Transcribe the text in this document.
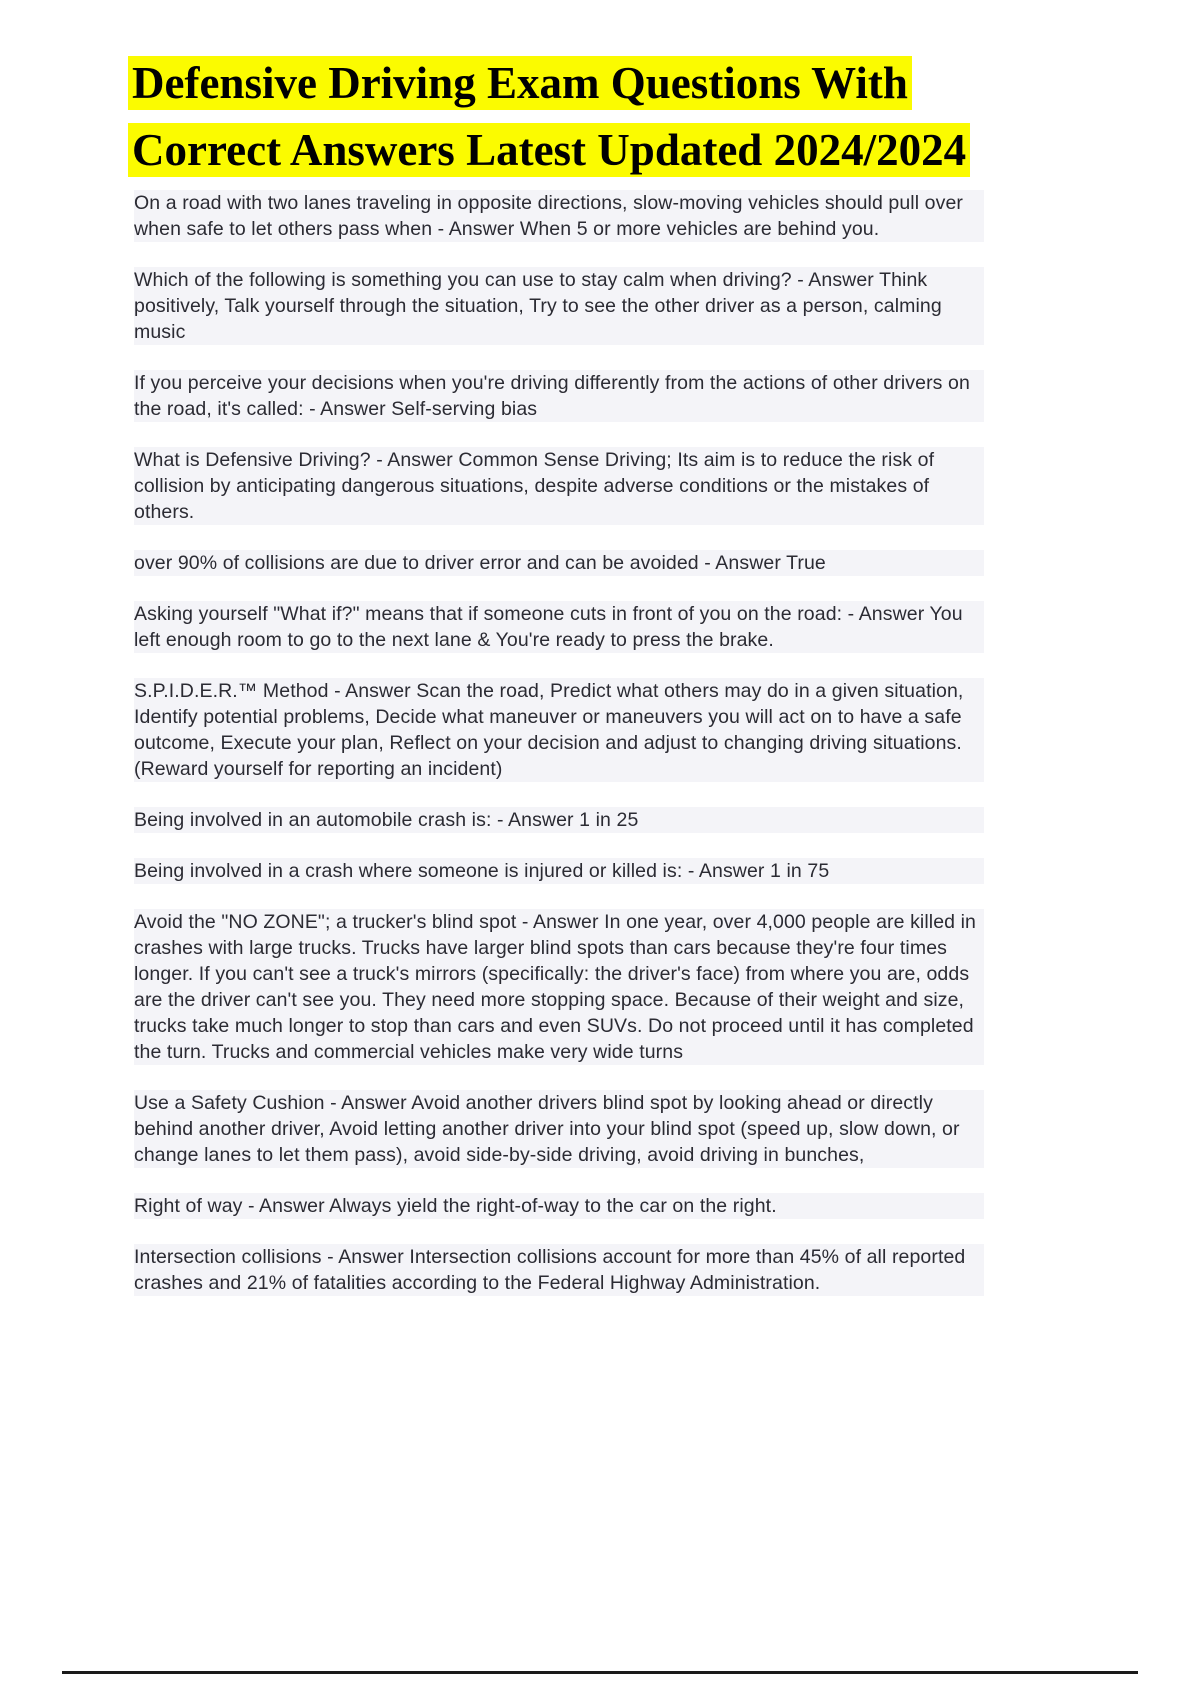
Defensive Driving Exam Questions With
Correct Answers Latest Updated 2024/2024

On a road with two lanes traveling in opposite directions, slow-moving vehicles should pull over when safe to let others pass when - Answer When 5 or more vehicles are behind you.

Which of the following is something you can use to stay calm when driving? - Answer Think positively, Talk yourself through the situation, Try to see the other driver as a person, calming music

If you perceive your decisions when you're driving differently from the actions of other drivers on the road, it's called: - Answer Self-serving bias

What is Defensive Driving? - Answer Common Sense Driving; Its aim is to reduce the risk of collision by anticipating dangerous situations, despite adverse conditions or the mistakes of others.

over 90% of collisions are due to driver error and can be avoided - Answer True

Asking yourself "What if?" means that if someone cuts in front of you on the road: - Answer You left enough room to go to the next lane & You're ready to press the brake.

S.P.I.D.E.R.™ Method - Answer Scan the road, Predict what others may do in a given situation, Identify potential problems, Decide what maneuver or maneuvers you will act on to have a safe outcome, Execute your plan, Reflect on your decision and adjust to changing driving situations. (Reward yourself for reporting an incident)

Being involved in an automobile crash is: - Answer 1 in 25

Being involved in a crash where someone is injured or killed is: - Answer 1 in 75

Avoid the "NO ZONE"; a trucker's blind spot - Answer In one year, over 4,000 people are killed in crashes with large trucks. Trucks have larger blind spots than cars because they're four times longer. If you can't see a truck's mirrors (specifically: the driver's face) from where you are, odds are the driver can't see you. They need more stopping space. Because of their weight and size, trucks take much longer to stop than cars and even SUVs. Do not proceed until it has completed the turn. Trucks and commercial vehicles make very wide turns

Use a Safety Cushion - Answer Avoid another drivers blind spot by looking ahead or directly behind another driver, Avoid letting another driver into your blind spot (speed up, slow down, or change lanes to let them pass), avoid side-by-side driving, avoid driving in bunches,

Right of way - Answer Always yield the right-of-way to the car on the right.

Intersection collisions - Answer Intersection collisions account for more than 45% of all reported crashes and 21% of fatalities according to the Federal Highway Administration.
